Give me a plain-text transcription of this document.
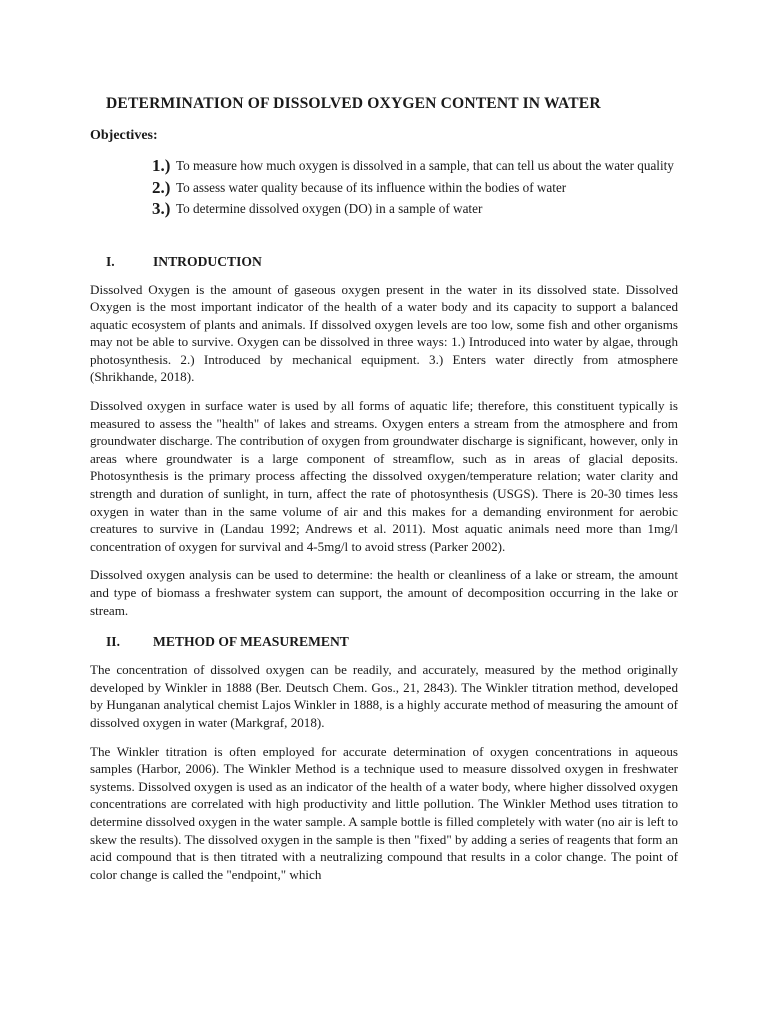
DETERMINATION OF DISSOLVED OXYGEN CONTENT IN WATER
Objectives:
1.) To measure how much oxygen is dissolved in a sample, that can tell us about the water quality
2.) To assess water quality because of its influence within the bodies of water
3.) To determine dissolved oxygen (DO) in a sample of water
I.	INTRODUCTION

Dissolved Oxygen is the amount of gaseous oxygen present in the water in its dissolved state. Dissolved Oxygen is the most important indicator of the health of a water body and its capacity to support a balanced aquatic ecosystem of plants and animals. If dissolved oxygen levels are too low, some fish and other organisms may not be able to survive. Oxygen can be dissolved in three ways: 1.) Introduced into water by algae, through photosynthesis. 2.) Introduced by mechanical equipment. 3.) Enters water directly from atmosphere (Shrikhande, 2018).

Dissolved oxygen in surface water is used by all forms of aquatic life; therefore, this constituent typically is measured to assess the "health" of lakes and streams. Oxygen enters a stream from the atmosphere and from groundwater discharge. The contribution of oxygen from groundwater discharge is significant, however, only in areas where groundwater is a large component of streamflow, such as in areas of glacial deposits. Photosynthesis is the primary process affecting the dissolved oxygen/temperature relation; water clarity and strength and duration of sunlight, in turn, affect the rate of photosynthesis (USGS). There is 20-30 times less oxygen in water than in the same volume of air and this makes for a demanding environment for aerobic creatures to survive in (Landau 1992; Andrews et al. 2011). Most aquatic animals need more than 1mg/l concentration of oxygen for survival and 4-5mg/l to avoid stress (Parker 2002).

Dissolved oxygen analysis can be used to determine: the health or cleanliness of a lake or stream, the amount and type of biomass a freshwater system can support, the amount of decomposition occurring in the lake or stream.

II.	METHOD OF MEASUREMENT

The concentration of dissolved oxygen can be readily, and accurately, measured by the method originally developed by Winkler in 1888 (Ber. Deutsch Chem. Gos., 21, 2843). The Winkler titration method, developed by Hunganan analytical chemist Lajos Winkler in 1888, is a highly accurate method of measuring the amount of dissolved oxygen in water (Markgraf, 2018).

The Winkler titration is often employed for accurate determination of oxygen concentrations in aqueous samples (Harbor, 2006). The Winkler Method is a technique used to measure dissolved oxygen in freshwater systems. Dissolved oxygen is used as an indicator of the health of a water body, where higher dissolved oxygen concentrations are correlated with high productivity and little pollution. The Winkler Method uses titration to determine dissolved oxygen in the water sample. A sample bottle is filled completely with water (no air is left to skew the results). The dissolved oxygen in the sample is then "fixed" by adding a series of reagents that form an acid compound that is then titrated with a neutralizing compound that results in a color change. The point of color change is called the "endpoint," which
